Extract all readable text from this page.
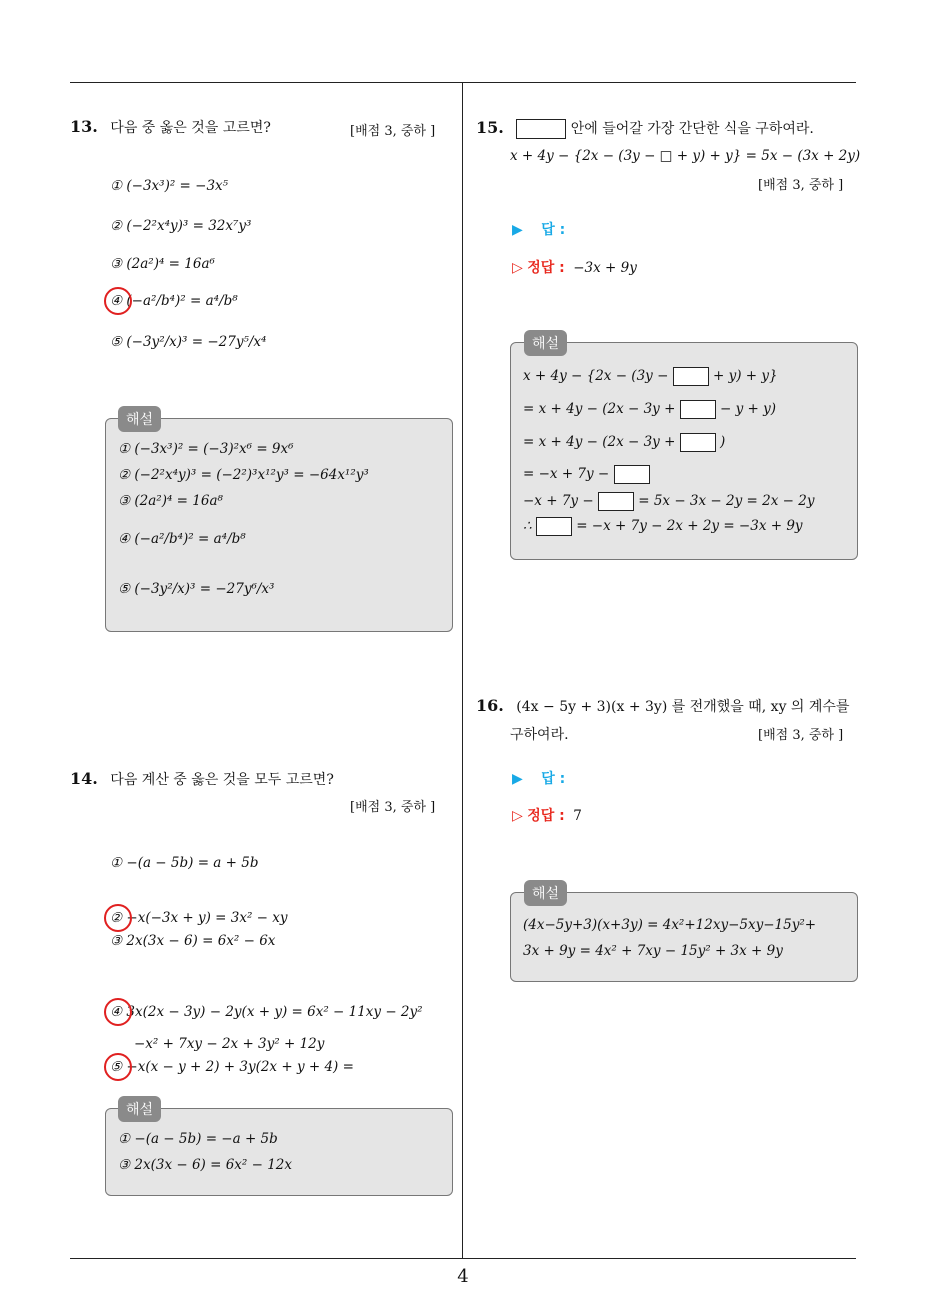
13. 다음 중 옳은 것을 고르면?	[배점 3, 중하 ]
① (−3x³)² = −3x⁵
② (−2²x⁴y)³ = 32x⁷y³
③ (2a²)⁴ = 16a⁶
④ (−a²/b⁴)² = a⁴/b⁸
⑤ (−3y²/x)³ = −27y⁵/x⁴
① (−3x³)² = (−3)²x⁶ = 9x⁶
② (−2²x⁴y)³ = (−2²)³x¹²y³ = −64x¹²y³
③ (2a²)⁴ = 16a⁸
④ (−a²/b⁴)² = a⁴/b⁸
⑤ (−3y²/x)³ = −27y⁶/x³
해설
14. 다음 계산 중 옳은 것을 모두 고르면?
[배점 3, 중하 ]
① −(a − 5b) = a + 5b
② −x(−3x + y) = 3x² − xy
③ 2x(3x − 6) = 6x² − 6x
④ 3x(2x − 3y) − 2y(x + y) = 6x² − 11xy − 2y²
⑤ −x(x − y + 2) + 3y(2x + y + 4) =
−x² + 7xy − 2x + 3y² + 12y
① −(a − 5b) = −a + 5b
③ 2x(3x − 6) = 6x² − 12x
해설
15.	안에 들어갈 가장 간단한 식을 구하여라.
x + 4y − {2x − (3y − □ + y) + y} = 5x − (3x + 2y)
[배점 3, 중하 ]
▶ 답 :
▷ 정답 : −3x + 9y
x + 4y − {2x − (3y −	+ y) + y}
= x + 4y − (2x − 3y +	− y + y)
= x + 4y − (2x − 3y +	)
= −x + 7y −
−x + 7y −	= 5x − 3x − 2y = 2x − 2y
∴	= −x + 7y − 2x + 2y = −3x + 9y
해설
16. (4x − 5y + 3)(x + 3y) 를 전개했을 때, xy 의 계수를
구하여라.	[배점 3, 중하 ]
▶ 답 :
▷ 정답 : 7
(4x−5y+3)(x+3y) = 4x²+12xy−5xy−15y²+
3x + 9y = 4x² + 7xy − 15y² + 3x + 9y
해설
4
